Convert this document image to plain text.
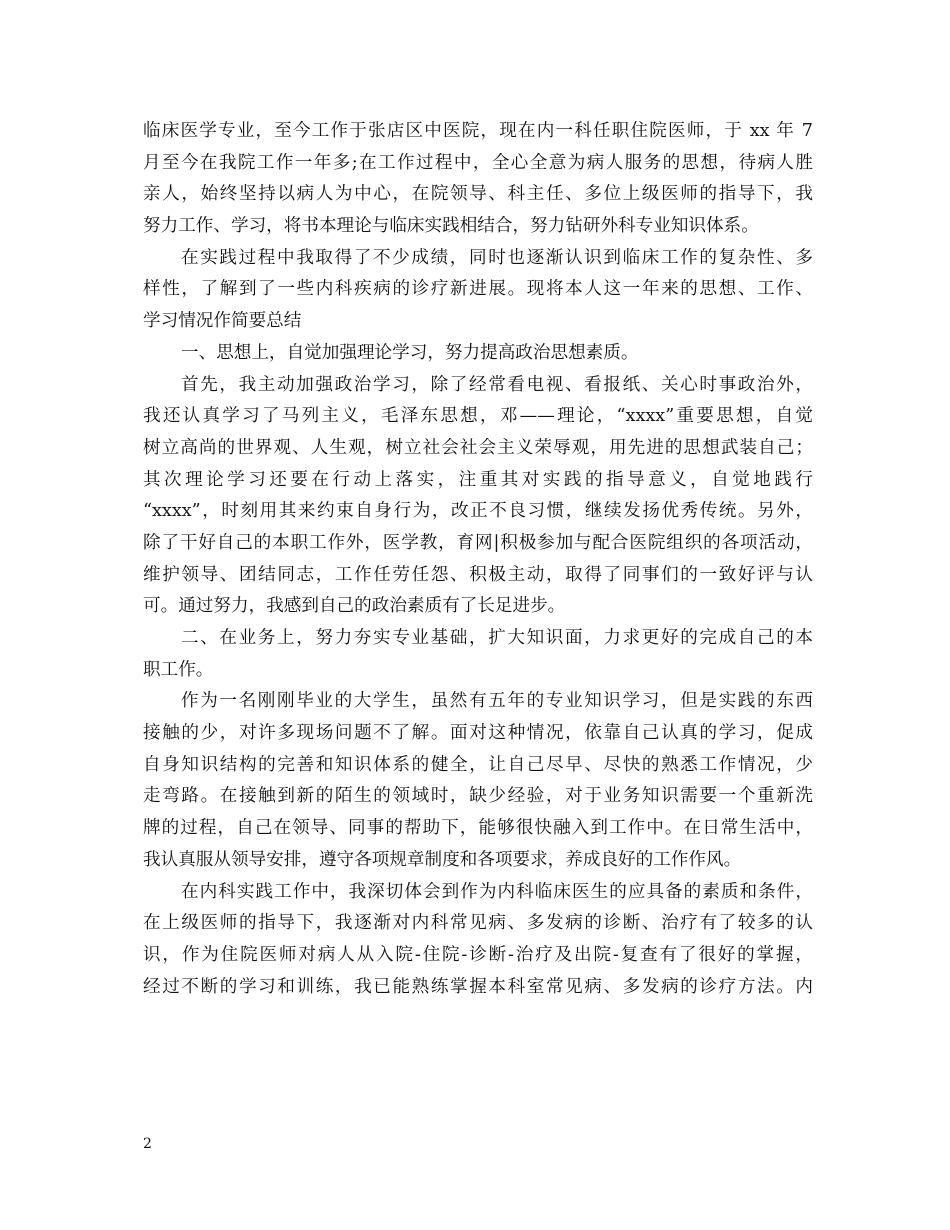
临床医学专业，至今工作于张店区中医院，现在内一科任职住院医师，于 xx 年 7
月至今在我院工作一年多;在工作过程中，全心全意为病人服务的思想，待病人胜
亲人，始终坚持以病人为中心，在院领导、科主任、多位上级医师的指导下，我
努力工作、学习，将书本理论与临床实践相结合，努力钻研外科专业知识体系。
在实践过程中我取得了不少成绩，同时也逐渐认识到临床工作的复杂性、多
样性，了解到了一些内科疾病的诊疗新进展。现将本人这一年来的思想、工作、
学习情况作简要总结
一、思想上，自觉加强理论学习，努力提高政治思想素质。
首先，我主动加强政治学习，除了经常看电视、看报纸、关心时事政治外，
我还认真学习了马列主义，毛泽东思想，邓——理论，“xxxx”重要思想，自觉
树立高尚的世界观、人生观，树立社会社会主义荣辱观，用先进的思想武装自己；
其次理论学习还要在行动上落实，注重其对实践的指导意义，自觉地践行
“xxxx”，时刻用其来约束自身行为，改正不良习惯，继续发扬优秀传统。另外，
除了干好自己的本职工作外，医学教，育网|积极参加与配合医院组织的各项活动，
维护领导、团结同志，工作任劳任怨、积极主动，取得了同事们的一致好评与认
可。通过努力，我感到自己的政治素质有了长足进步。
二、在业务上，努力夯实专业基础，扩大知识面，力求更好的完成自己的本
职工作。
作为一名刚刚毕业的大学生，虽然有五年的专业知识学习，但是实践的东西
接触的少，对许多现场问题不了解。面对这种情况，依靠自己认真的学习，促成
自身知识结构的完善和知识体系的健全，让自己尽早、尽快的熟悉工作情况，少
走弯路。在接触到新的陌生的领域时，缺少经验，对于业务知识需要一个重新洗
牌的过程，自己在领导、同事的帮助下，能够很快融入到工作中。在日常生活中，
我认真服从领导安排，遵守各项规章制度和各项要求，养成良好的工作作风。
在内科实践工作中，我深切体会到作为内科临床医生的应具备的素质和条件，
在上级医师的指导下，我逐渐对内科常见病、多发病的诊断、治疗有了较多的认
识，作为住院医师对病人从入院-住院-诊断-治疗及出院-复查有了很好的掌握，
经过不断的学习和训练，我已能熟练掌握本科室常见病、多发病的诊疗方法。内
2
